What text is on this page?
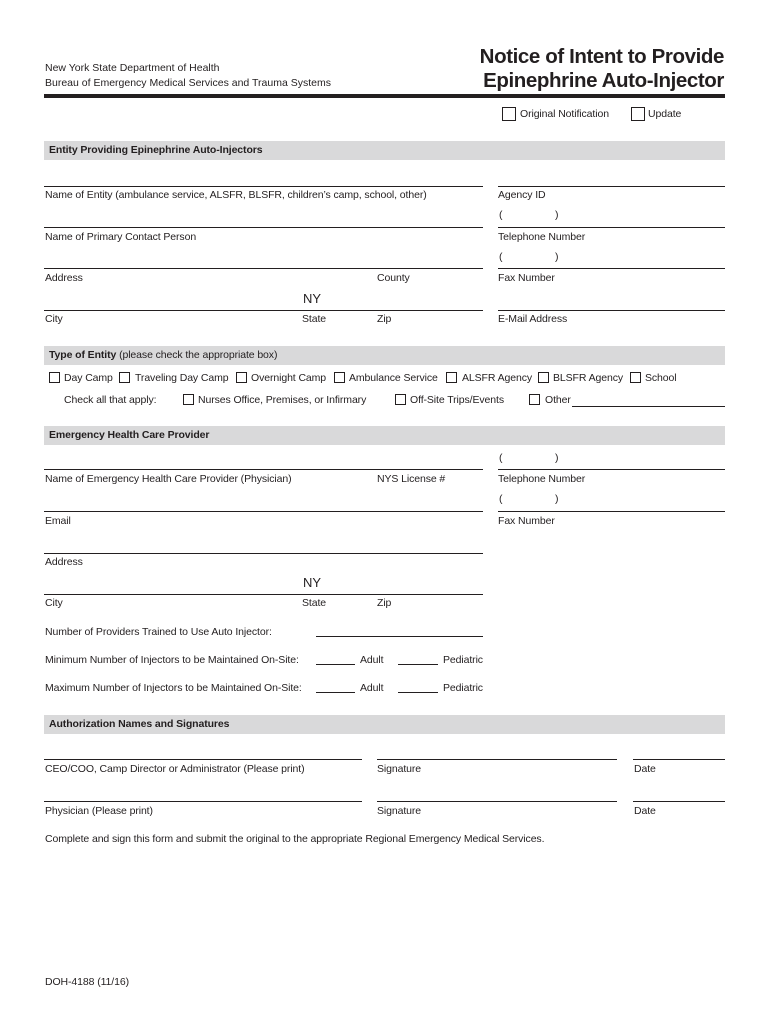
New York State Department of Health
Bureau of Emergency Medical Services and Trauma Systems
Notice of Intent to Provide
Epinephrine Auto-Injector
Original Notification	Update
Entity Providing Epinephrine Auto-Injectors
Name of Entity (ambulance service, ALSFR, BLSFR, children’s camp, school, other)	Agency ID
(	)
Name of Primary Contact Person	Telephone Number
(	)
Address	County	Fax Number
NY
City	State	Zip	E-Mail Address
Type of Entity (please check the appropriate box)
Day Camp Traveling Day Camp Overnight Camp Ambulance Service ALSFR Agency BLSFR Agency School
Check all that apply:	Nurses Office, Premises, or Infirmary	Off-Site Trips/Events	Other
Emergency Health Care Provider
(	)
Name of Emergency Health Care Provider (Physician)	NYS License #	Telephone Number
(	)
Email	Fax Number
Address
NY
City	State	Zip
Number of Providers Trained to Use Auto Injector:
Minimum Number of Injectors to be Maintained On-Site:	Adult	Pediatric
Maximum Number of Injectors to be Maintained On-Site:	Adult	Pediatric
Authorization Names and Signatures
CEO/COO, Camp Director or Administrator (Please print)	Signature	Date
Physician (Please print)	Signature	Date
Complete and sign this form and submit the original to the appropriate Regional Emergency Medical Services.
DOH-4188 (11/16)
